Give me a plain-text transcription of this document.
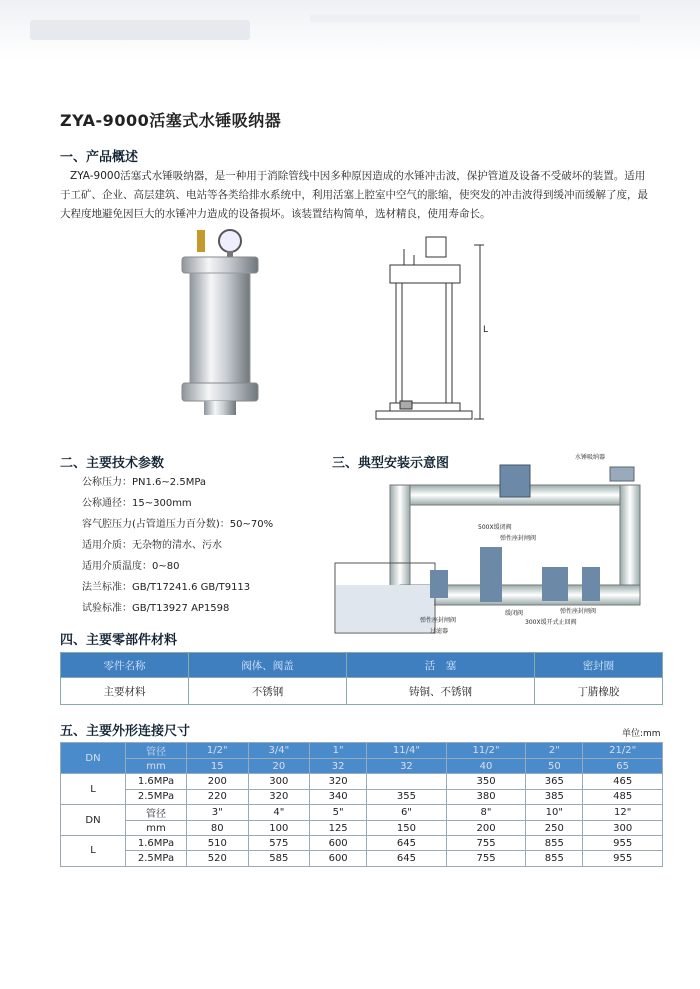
ZYA-9000活塞式水锤吸纳器
一、产品概述
ZYA-9000活塞式水锤吸纳器，是一种用于消除管线中因多种原因造成的水锤冲击波，保护管道及设备不受破坏的装置。适用于工矿、企业、高层建筑、电站等各类给排水系统中，利用活塞上腔室中空气的胀缩，使突发的冲击波得到缓冲而缓解了度，最大程度地避免因巨大的水锤冲力造成的设备损坏。该装置结构简单，选材精良，使用寿命长。
L
二、主要技术参数
公称压力：PN1.6~2.5MPa
公称通径：15~300mm
容气腔压力(占管道压力百分数)：50~70%
适用介质：无杂物的清水、污水
适用介质温度：0~80
法兰标准：GB/T17241.6 GB/T9113
试验标准：GB/T13927 AP1598
三、典型安装示意图	水锤吸纳器
500X缓闭阀
弹性座封闸阀
弹性座封闸阀
过滤器
缓闭阀	弹性座封闸阀
300X缓开式止回阀
四、主要零部件材料
零件名称	阀体、阀盖	活　塞	密封圈
主要材料	不锈钢	铸铜、不锈钢	丁腈橡胶
五、主要外形连接尺寸	单位:mm
DN	管径	1/2"	3/4"	1"	11/4"	11/2"	2"	21/2"
	mm	15	20	32	32	40	50	65
L	1.6MPa	200	300	320		350	365	465
	2.5MPa	220	320	340	355	380	385	485
DN	管径	3"	4"	5"	6"	8"	10"	12"
	mm	80	100	125	150	200	250	300
L	1.6MPa	510	575	600	645	755	855	955
	2.5MPa	520	585	600	645	755	855	955
